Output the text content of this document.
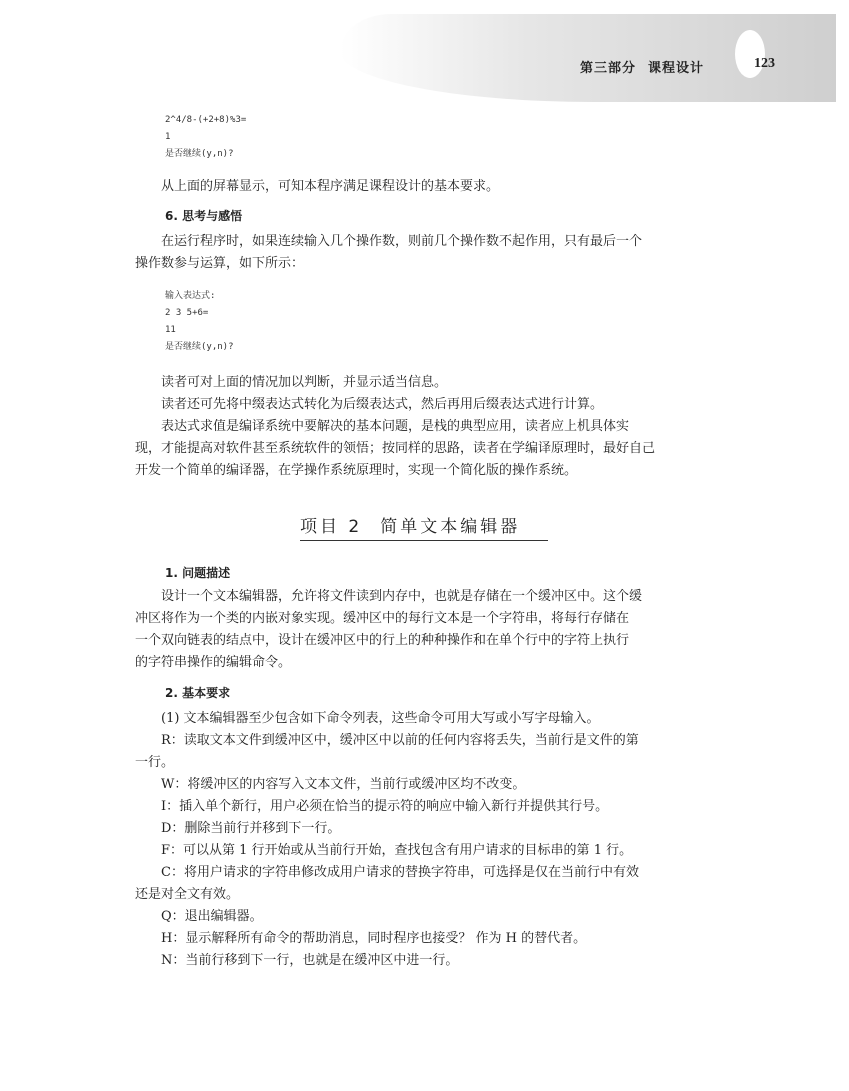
第三部分 课程设计	123
2^4/8-(+2+8)%3=
1
是否继续(y,n)?

从上面的屏幕显示，可知本程序满足课程设计的基本要求。

6. 思考与感悟

在运行程序时，如果连续输入几个操作数，则前几个操作数不起作用，只有最后一个
操作数参与运算，如下所示：

输入表达式:
2 3 5+6=
11
是否继续(y,n)?

读者可对上面的情况加以判断，并显示适当信息。

读者还可先将中缀表达式转化为后缀表达式，然后再用后缀表达式进行计算。

表达式求值是编译系统中要解决的基本问题，是栈的典型应用，读者应上机具体实
现，才能提高对软件甚至系统软件的领悟；按同样的思路，读者在学编译原理时，最好自己
开发一个简单的编译器，在学操作系统原理时，实现一个简化版的操作系统。

项目 2 简单文本编辑器
1. 问题描述

设计一个文本编辑器，允许将文件读到内存中，也就是存储在一个缓冲区中。这个缓
冲区将作为一个类的内嵌对象实现。缓冲区中的每行文本是一个字符串，将每行存储在
一个双向链表的结点中，设计在缓冲区中的行上的种种操作和在单个行中的字符上执行
的字符串操作的编辑命令。

2. 基本要求

(1) 文本编辑器至少包含如下命令列表，这些命令可用大写或小写字母输入。

R：读取文本文件到缓冲区中，缓冲区中以前的任何内容将丢失，当前行是文件的第
一行。

W：将缓冲区的内容写入文本文件，当前行或缓冲区均不改变。

I：插入单个新行，用户必须在恰当的提示符的响应中输入新行并提供其行号。

D：删除当前行并移到下一行。

F：可以从第 1 行开始或从当前行开始，查找包含有用户请求的目标串的第 1 行。

C：将用户请求的字符串修改成用户请求的替换字符串，可选择是仅在当前行中有效
还是对全文有效。

Q：退出编辑器。

H：显示解释所有命令的帮助消息，同时程序也接受？ 作为 H 的替代者。

N：当前行移到下一行，也就是在缓冲区中进一行。
